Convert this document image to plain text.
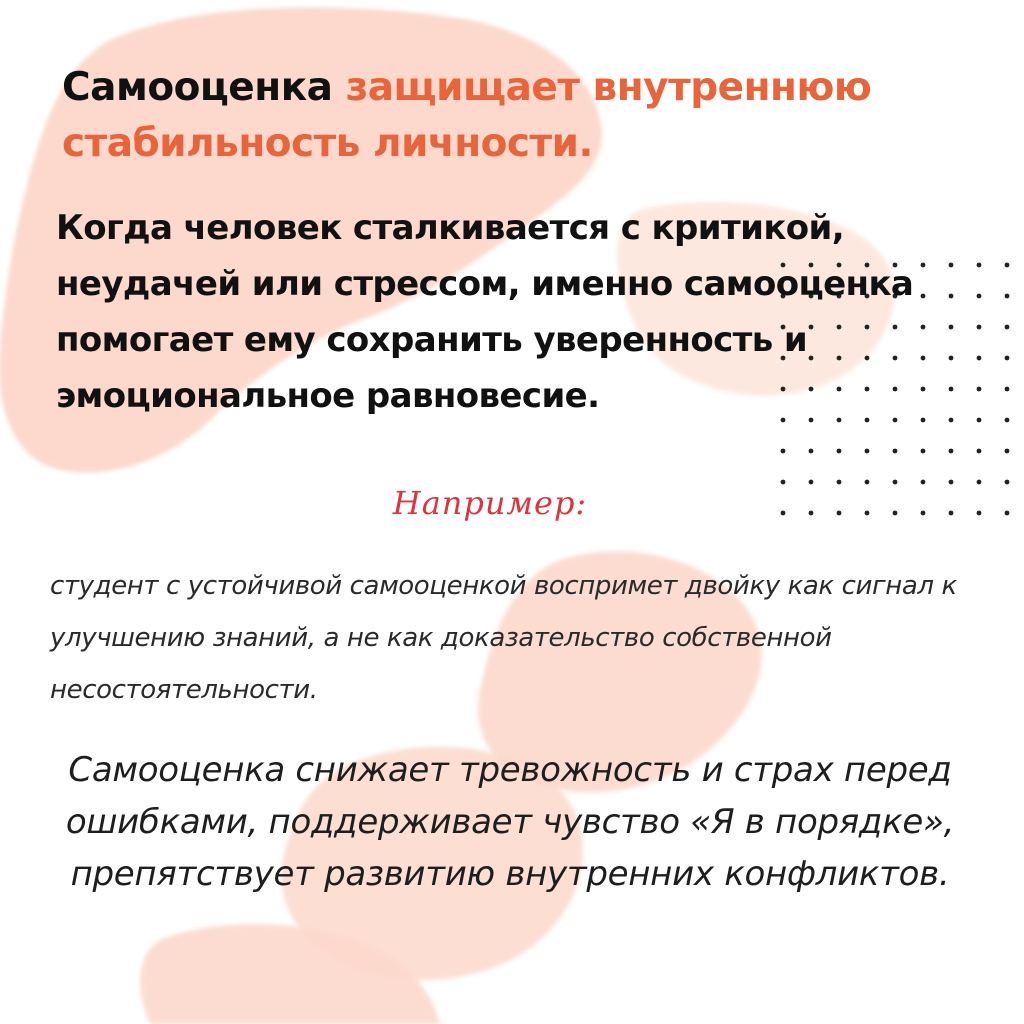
Самооценка защищает внутреннюю стабильность личности.

Когда человек сталкивается с критикой, неудачей или стрессом, именно самооценка помогает ему сохранить уверенность и эмоциональное равновесие.

Например:

студент с устойчивой самооценкой воспримет двойку как сигнал к улучшению знаний, а не как доказательство собственной несостоятельности.

Самооценка снижает тревожность и страх перед ошибками, поддерживает чувство «Я в порядке», препятствует развитию внутренних конфликтов.
